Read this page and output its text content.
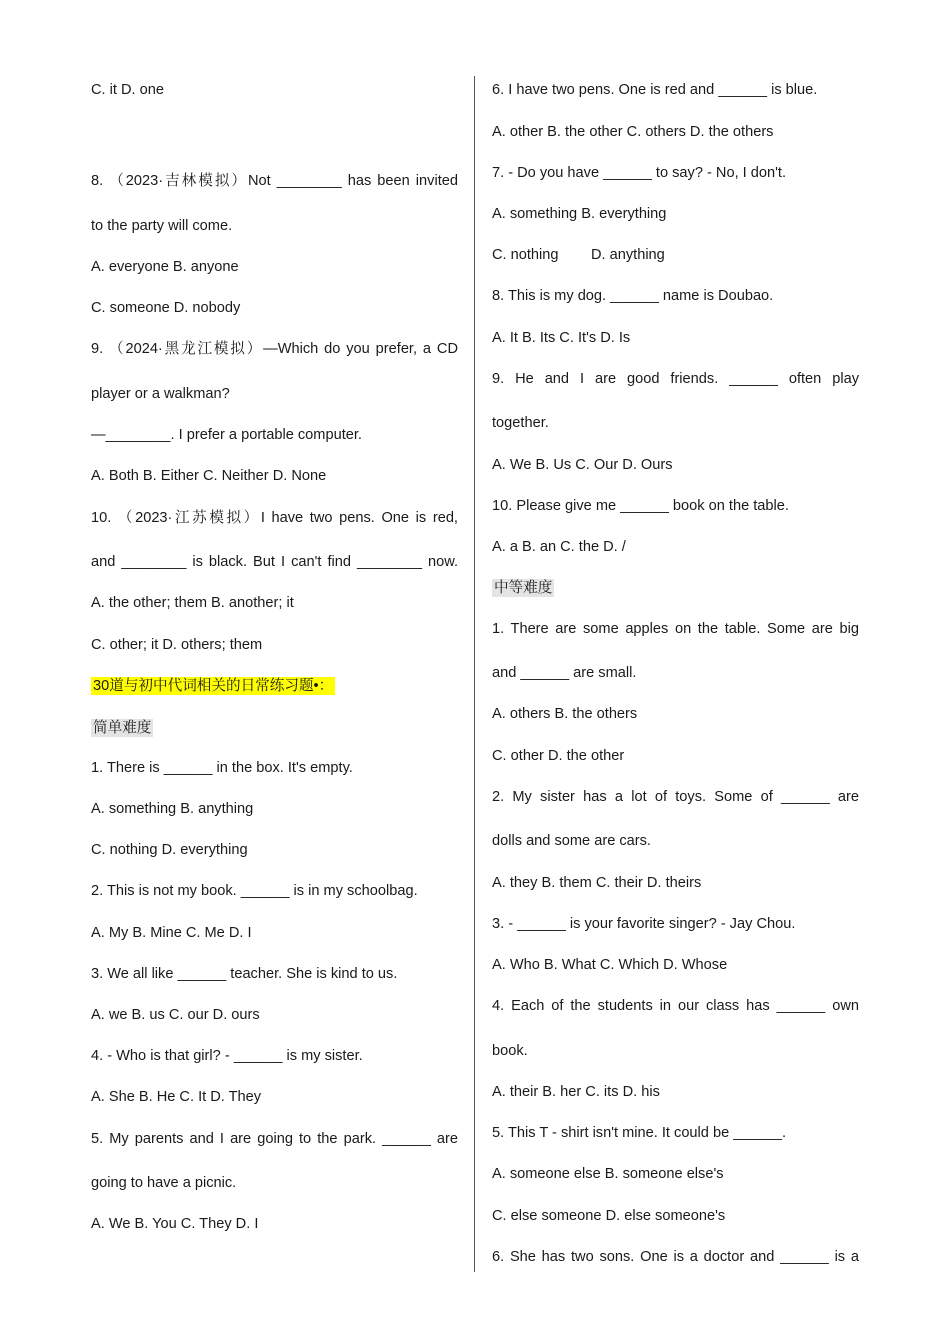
C. it D. one
8. （2023·吉林模拟）Not ________ has been invited
to the party will come.
A. everyone B. anyone
C. someone D. nobody
9. （2024·黑龙江模拟）—Which do you prefer, a CD
player or a walkman?
—________. I prefer a portable computer.
A. Both B. Either C. Neither D. None
10. （2023·江苏模拟）I have two pens. One is red,
and ________ is black. But I can't find ________ now.
A. the other; them B. another; it
C. other; it D. others; them
30道与初中代词相关的日常练习题•：
简单难度
1. There is ______ in the box. It's empty.
A. something B. anything
C. nothing D. everything
2. This is not my book. ______ is in my schoolbag.
A. My B. Mine C. Me D. I
3. We all like ______ teacher. She is kind to us.
A. we B. us C. our D. ours
4. - Who is that girl? - ______ is my sister.
A. She B. He C. It D. They
5. My parents and I are going to the park. ______ are
going to have a picnic.
A. We B. You C. They D. I
6. I have two pens. One is red and ______ is blue.
A. other B. the other C. others D. the others
7. - Do you have ______ to say? - No, I don't.
A. something B. everything
C. nothing        D. anything
8. This is my dog. ______ name is Doubao.
A. It B. Its C. It's D. Is
9. He and I are good friends. ______ often play
together.
A. We B. Us C. Our D. Ours
10. Please give me ______ book on the table.
A. a B. an C. the D. /
中等难度
1. There are some apples on the table. Some are big
and ______ are small.
A. others B. the others
C. other D. the other
2. My sister has a lot of toys. Some of ______ are
dolls and some are cars.
A. they B. them C. their D. theirs
3. - ______ is your favorite singer? - Jay Chou.
A. Who B. What C. Which D. Whose
4. Each of the students in our class has ______ own
book.
A. their B. her C. its D. his
5. This T - shirt isn't mine. It could be ______.
A. someone else B. someone else's
C. else someone D. else someone's
6. She has two sons. One is a doctor and ______ is a
